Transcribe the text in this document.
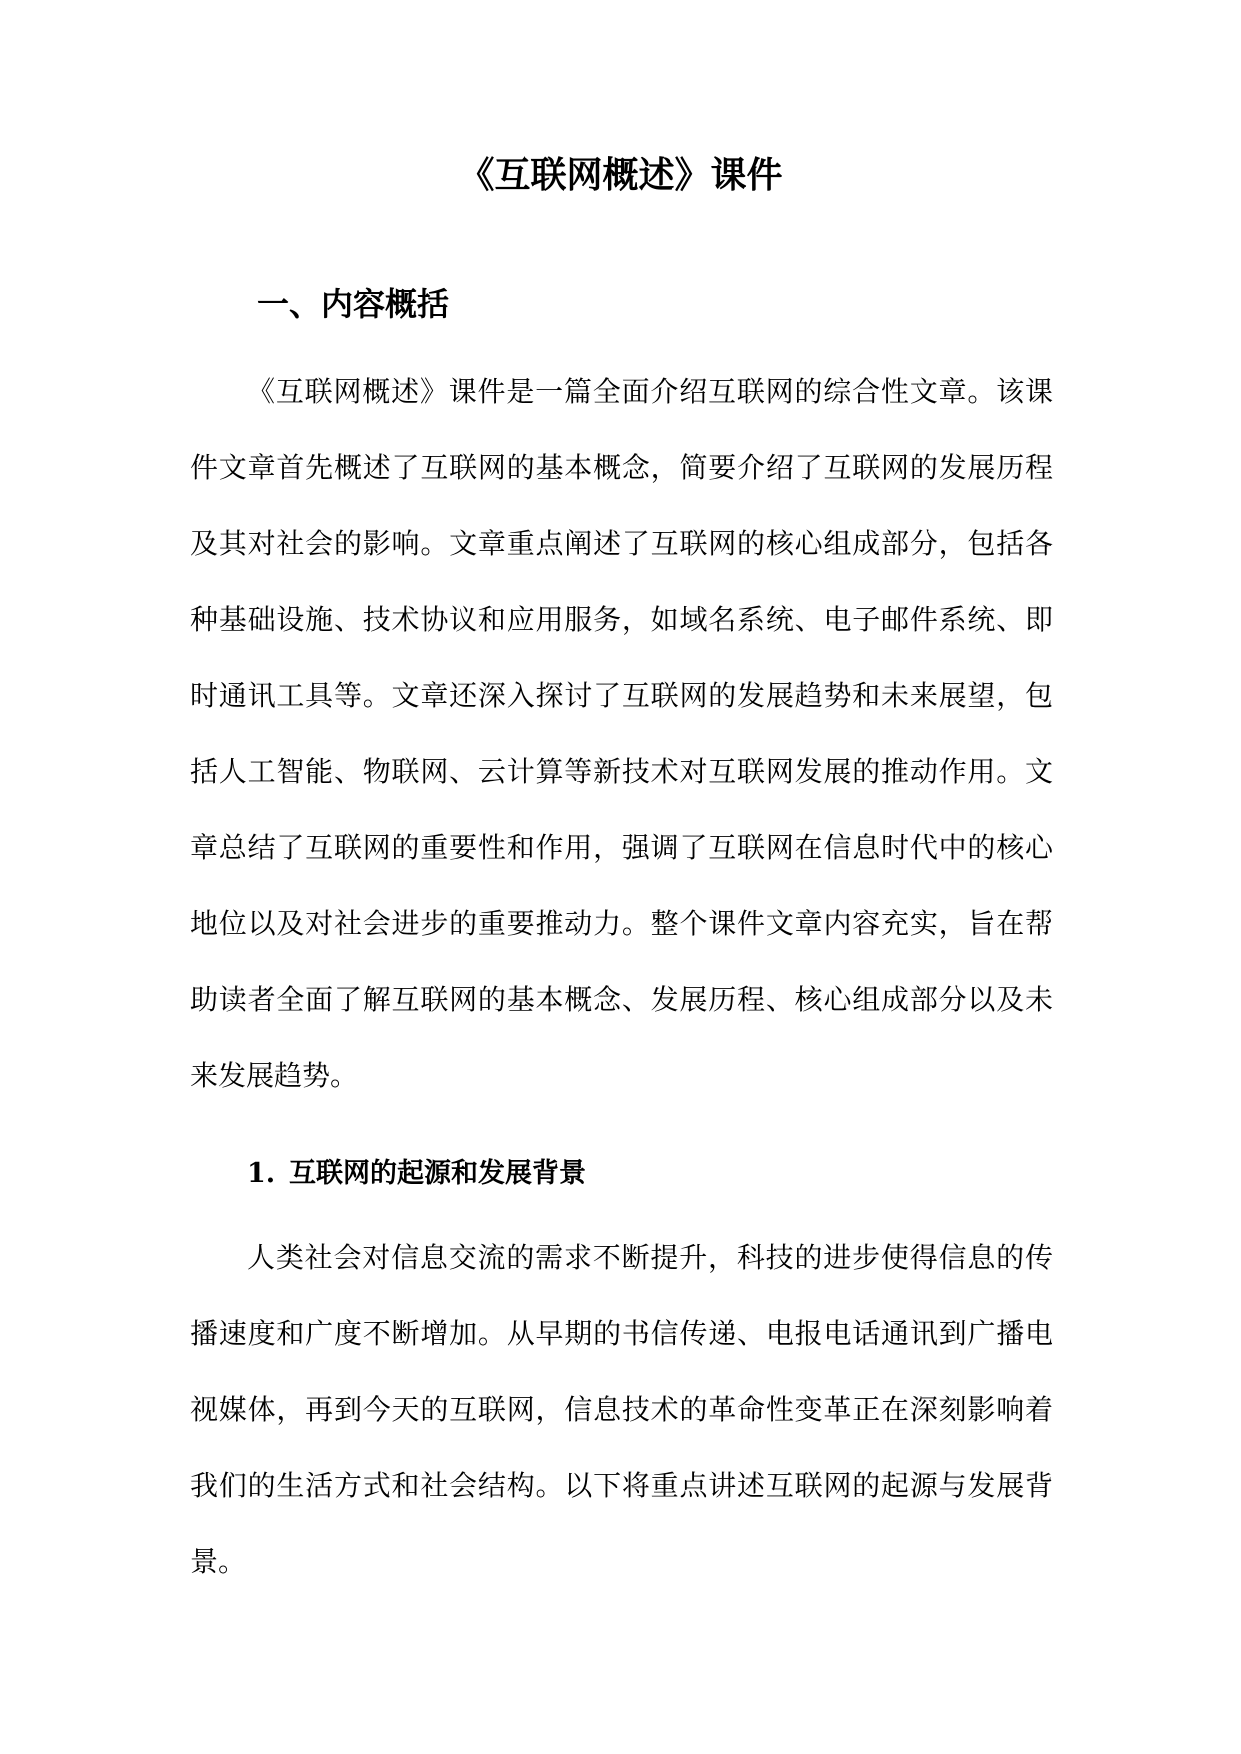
《互联网概述》课件
一、内容概括

《互联网概述》课件是一篇全面介绍互联网的综合性文章。该课件文章首先概述了互联网的基本概念，简要介绍了互联网的发展历程及其对社会的影响。文章重点阐述了互联网的核心组成部分，包括各种基础设施、技术协议和应用服务，如域名系统、电子邮件系统、即时通讯工具等。文章还深入探讨了互联网的发展趋势和未来展望，包括人工智能、物联网、云计算等新技术对互联网发展的推动作用。文章总结了互联网的重要性和作用，强调了互联网在信息时代中的核心地位以及对社会进步的重要推动力。整个课件文章内容充实，旨在帮助读者全面了解互联网的基本概念、发展历程、核心组成部分以及未来发展趋势。

1. 互联网的起源和发展背景

人类社会对信息交流的需求不断提升，科技的进步使得信息的传播速度和广度不断增加。从早期的书信传递、电报电话通讯到广播电视媒体，再到今天的互联网，信息技术的革命性变革正在深刻影响着我们的生活方式和社会结构。以下将重点讲述互联网的起源与发展背景。
